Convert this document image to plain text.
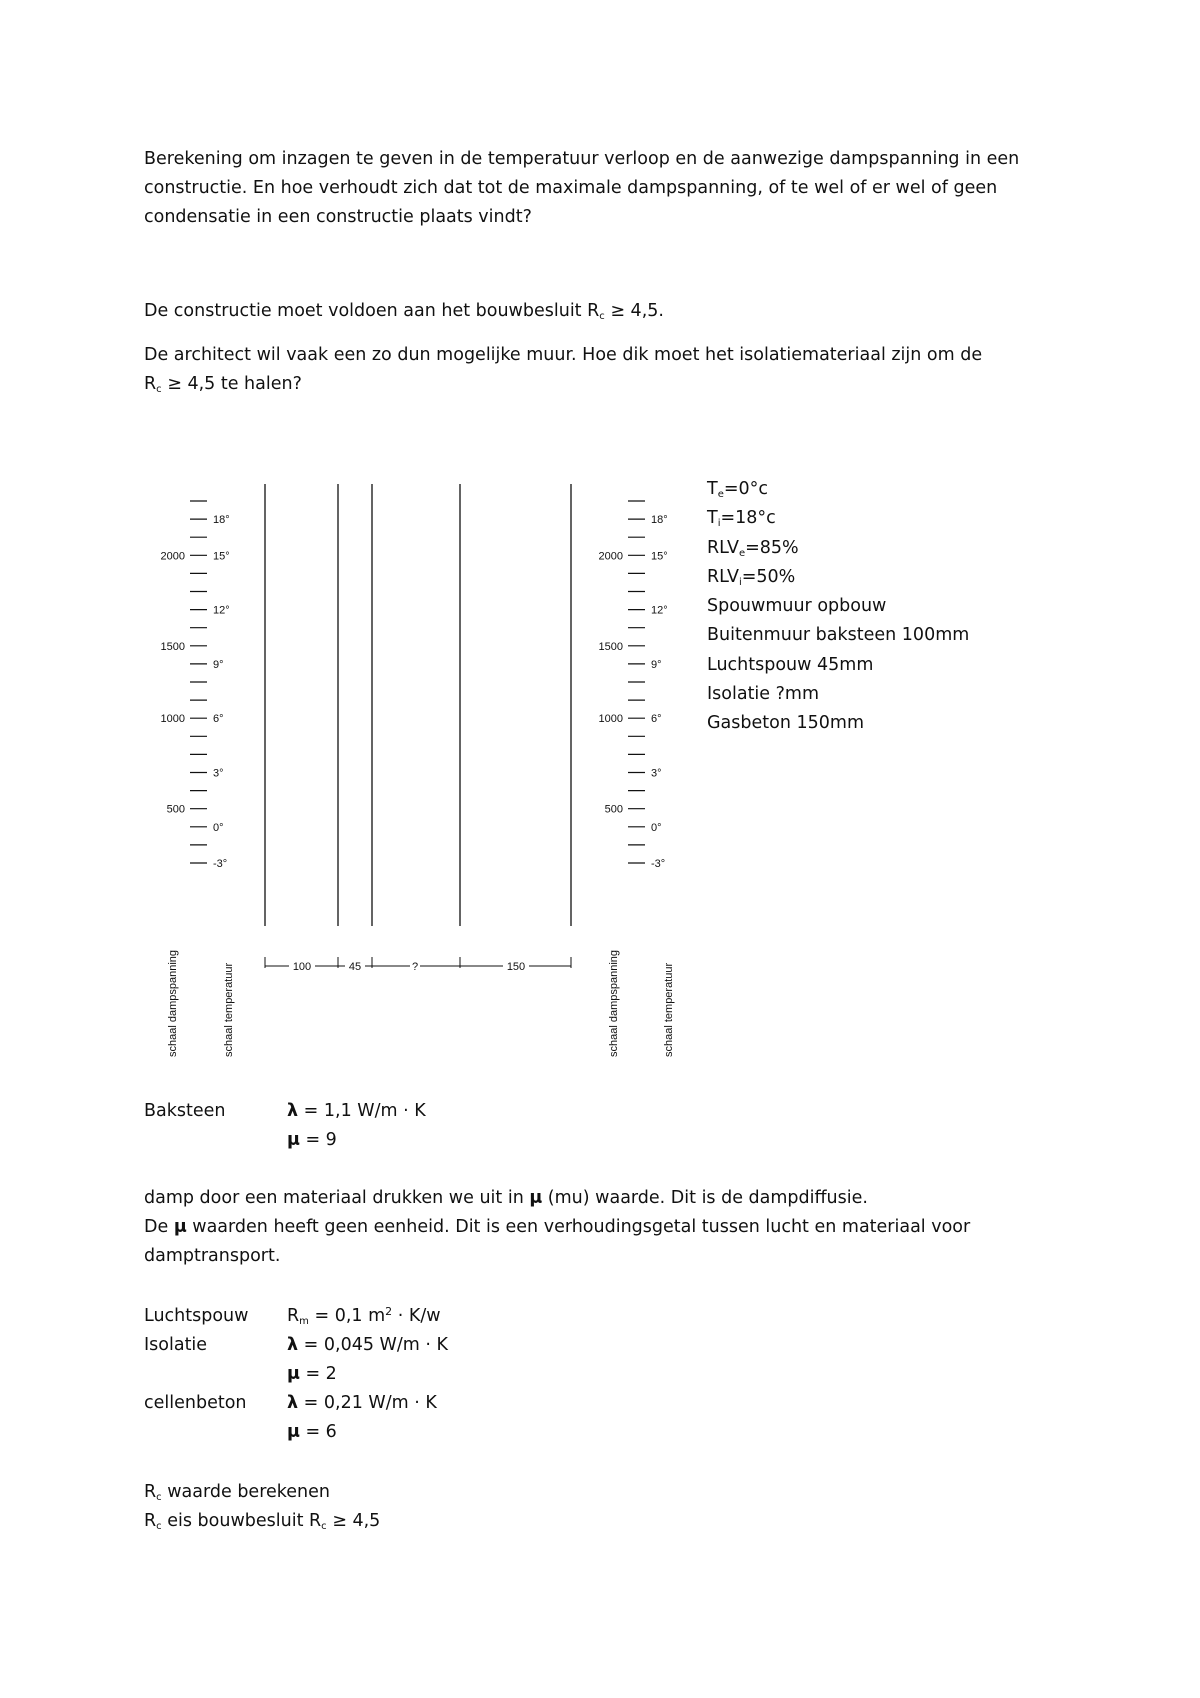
Berekening om inzagen te geven in de temperatuur verloop en de aanwezige dampspanning in een
constructie. En hoe verhoudt zich dat tot de maximale dampspanning, of te wel of er wel of geen
condensatie in een constructie plaats vindt?
De constructie moet voldoen aan het bouwbesluit $R_c \ge 4,5$.
De architect wil vaak een zo dun mogelijke muur. Hoe dik moet het isolatiemateriaal zijn om de
$R_c \ge 4,5$ te halen?
2000
1500
1000
500
18°
15°
12°
9°
6°
3°
0°
-3°
2000
1500
1000
500
18°
15°
12°
9°
6°
3°
0°
-3°
100	45	?	150
schaal dampspanning	schaal temperatuur	schaal dampspanning	schaal temperatuur
$T_e=0^\circ c$
$T_i=18^\circ c$
$RLV_e=85\%$
$RLV_i=50\%$
Spouwmuur opbouw
Buitenmuur baksteen 100mm
Luchtspouw 45mm
Isolatie ?mm
Gasbeton 150mm
Baksteen	λ = 1,1 W/m · K
μ = 9
damp door een materiaal drukken we uit in μ (mu) waarde. Dit is de dampdiffusie.
De μ waarden heeft geen eenheid. Dit is een verhoudingsgetal tussen lucht en materiaal voor
damptransport.
Luchtspouw $R_m = 0,1$ $m^2 \cdot K/w$
Isolatie	λ = 0,045 W/m · K
μ = 2
cellenbeton λ = 0,21 W/m · K
μ = 6
$R_c$ waarde berekenen
$R_c$ eis bouwbesluit $R_c \ge 4,5$
